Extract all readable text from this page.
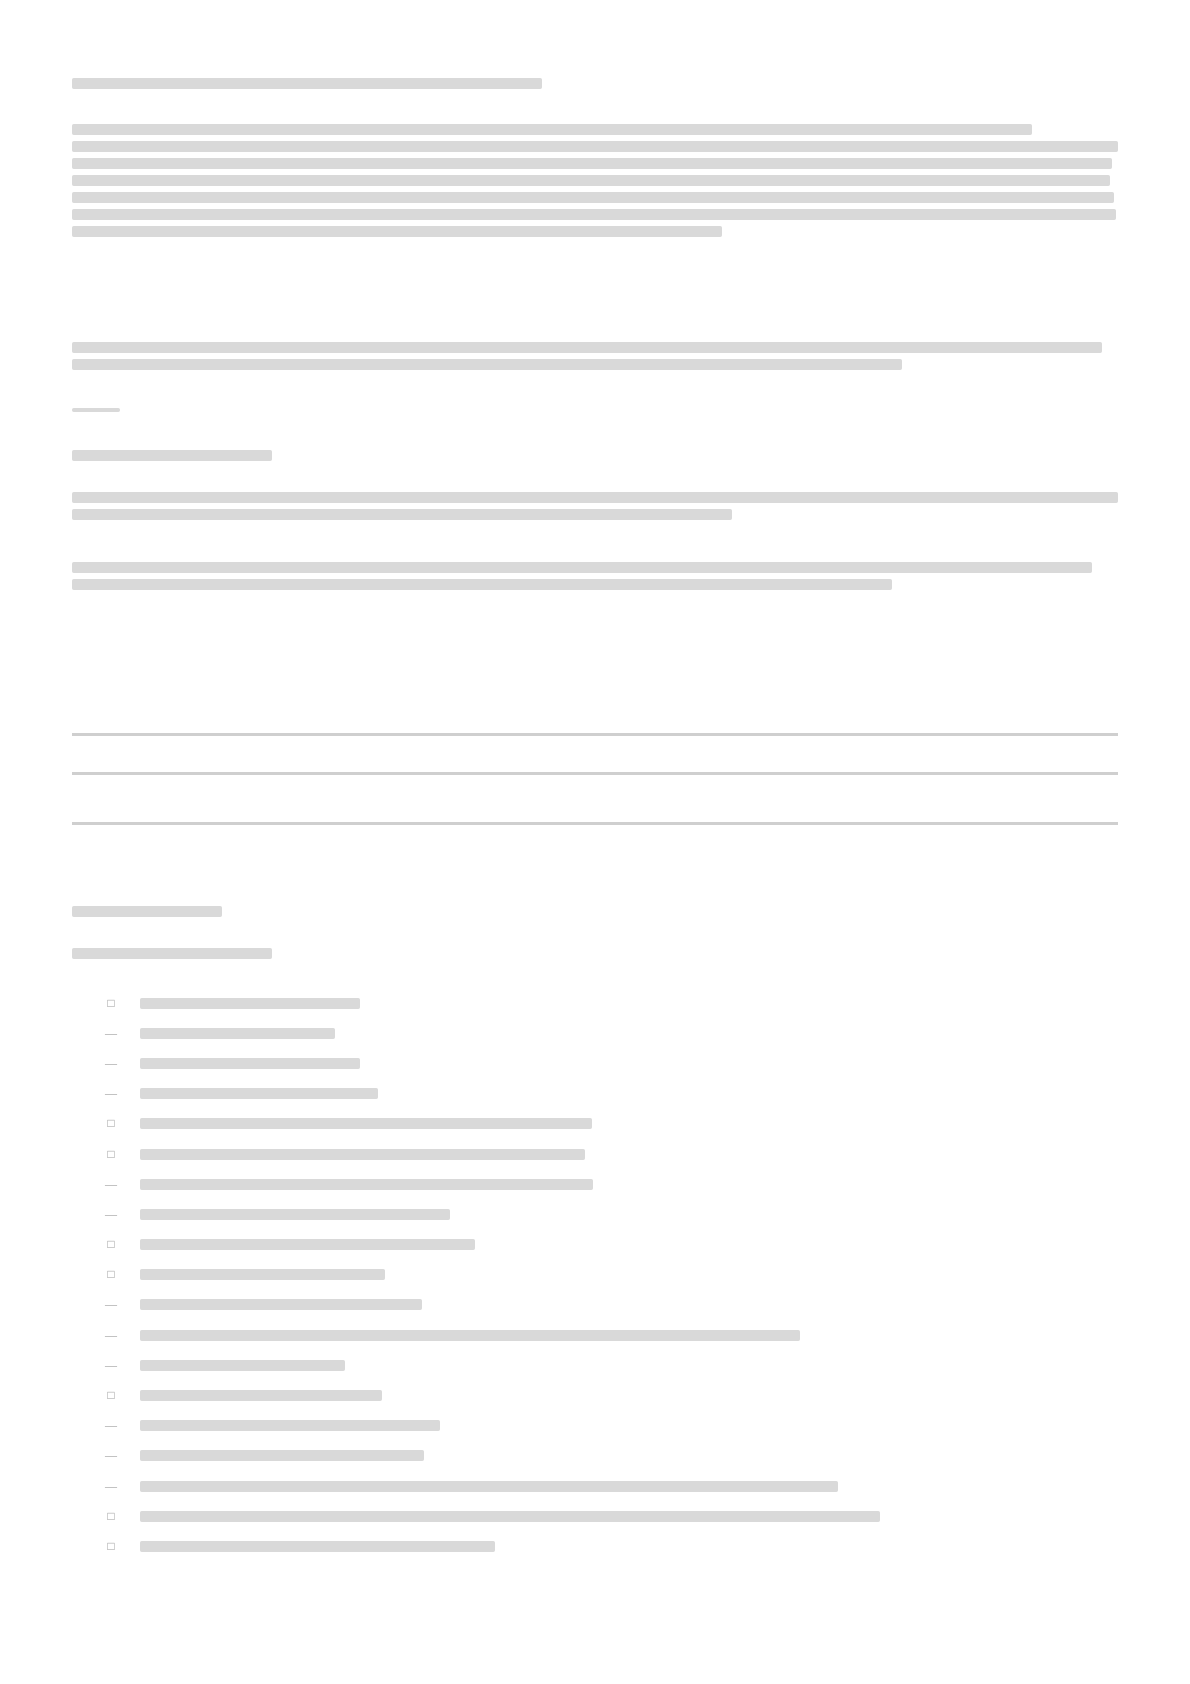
□
—
—
—
□
□
—
—
□
□
—
—
—
□
—
—
—
□
□
